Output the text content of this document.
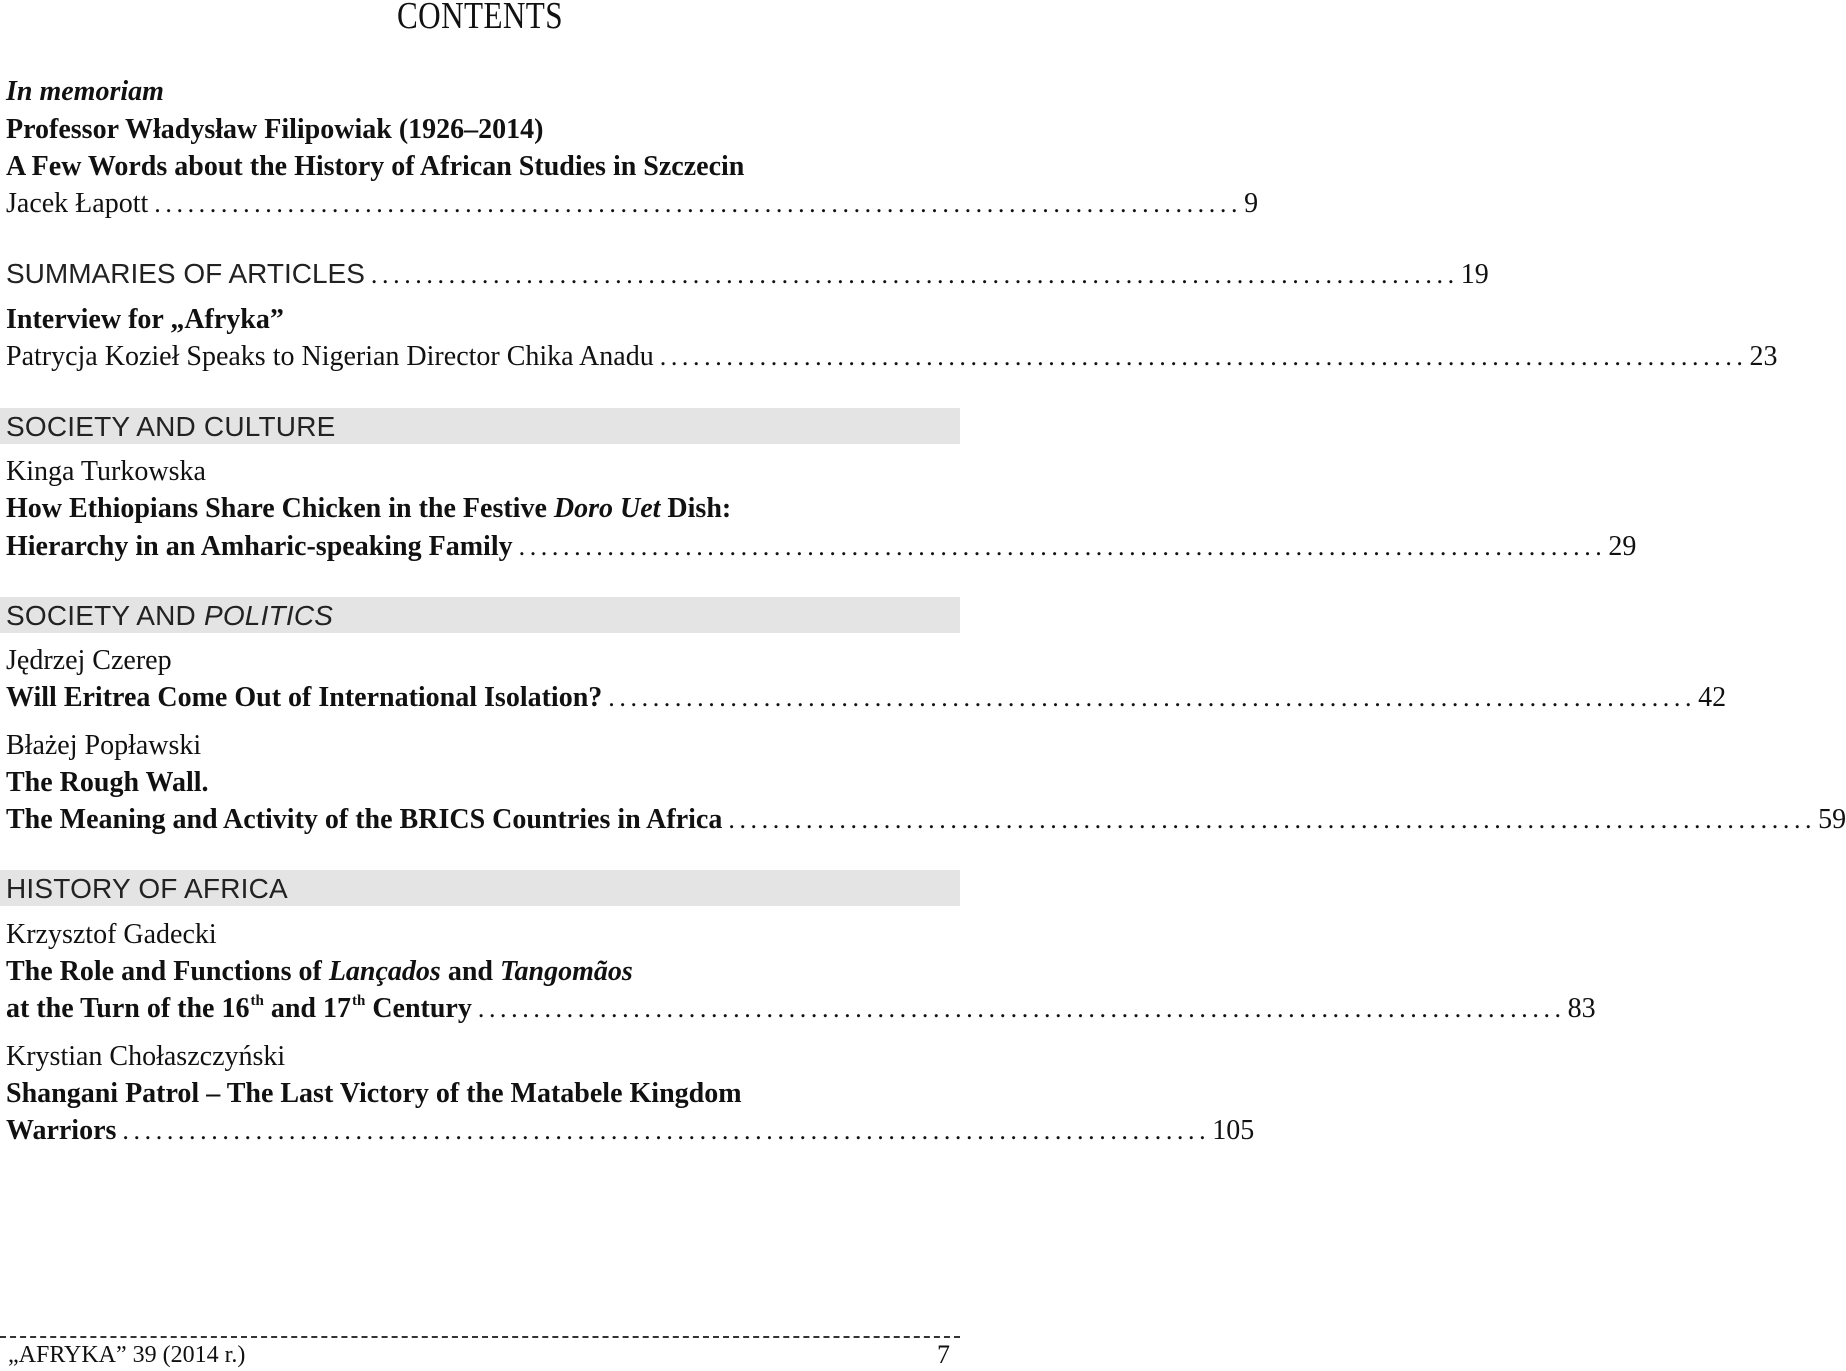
CONTENTS
In memoriam
Professor Władysław Filipowiak (1926–2014)
A Few Words about the History of African Studies in Szczecin
Jacek Łapott .................................................................................................. 9
SUMMARIES OF ARTICLES .................................................................................................. 19
Interview for „Afryka”
Patrycja Kozieł Speaks to Nigerian Director Chika Anadu .................................................................................................. 23
SOCIETY AND CULTURE
Kinga Turkowska
How Ethiopians Share Chicken in the Festive Doro Uet Dish:
Hierarchy in an Amharic-speaking Family .................................................................................................. 29
SOCIETY AND POLITICS
Jędrzej Czerep
Will Eritrea Come Out of International Isolation? .................................................................................................. 42
Błażej Popławski
The Rough Wall.
The Meaning and Activity of the BRICS Countries in Africa .................................................................................................. 59
HISTORY OF AFRICA
Krzysztof Gadecki
The Role and Functions of Lançados and Tangomãos
at the Turn of the 16th and 17th Century .................................................................................................. 83
Krystian Chołaszczyński
Shangani Patrol – The Last Victory of the Matabele Kingdom
Warriors .................................................................................................. 105
„AFRYKA” 39 (2014 r.)	7
